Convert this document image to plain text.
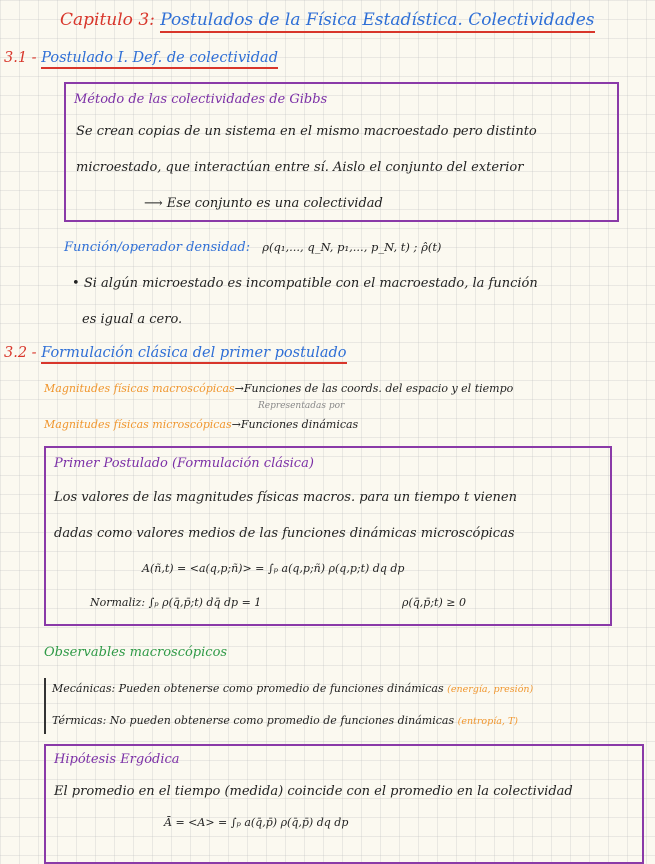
Capitulo 3: Postulados de la Física Estadística. Colectividades
3.1 - Postulado I. Def. de colectividad
Método de las colectividades de Gibbs
Se crean copias de un sistema en el mismo macroestado pero distinto
microestado, que interactúan entre sí. Aislo el conjunto del exterior
⟶ Ese conjunto es una colectividad
Función/operador densidad: ρ(q₁,..., q_N, p₁,..., p_N, t) ; ρ̂(t)
• Si algún microestado es incompatible con el macroestado, la función
es igual a cero.
3.2 - Formulación clásica del primer postulado
Magnitudes físicas macroscópicas→Funciones de las coords. del espacio y el tiempo
Representadas por
Magnitudes físicas microscópicas→Funciones dinámicas
Primer Postulado (Formulación clásica)
Los valores de las magnitudes físicas macros. para un tiempo t vienen
dadas como valores medios de las funciones dinámicas microscópicas
A(ñ,t) = <a(q,p;ñ)> = ∫ₚ a(q,p;ñ) ρ(q,p;t) dq dp
Normaliz: ∫ₚ ρ(q̄,p̄;t) dq̄ dp = 1	ρ(q̄,p̄;t) ≥ 0
Observables macroscópicos
Mecánicas: Pueden obtenerse como promedio de funciones dinámicas (energía, presión)
Térmicas: No pueden obtenerse como promedio de funciones dinámicas (entropía, T)
Hipótesis Ergódica
El promedio en el tiempo (medida) coincide con el promedio en la colectividad
Ā = <A> = ∫ₚ a(q̄,p̄) ρ(q̄,p̄) dq dp
